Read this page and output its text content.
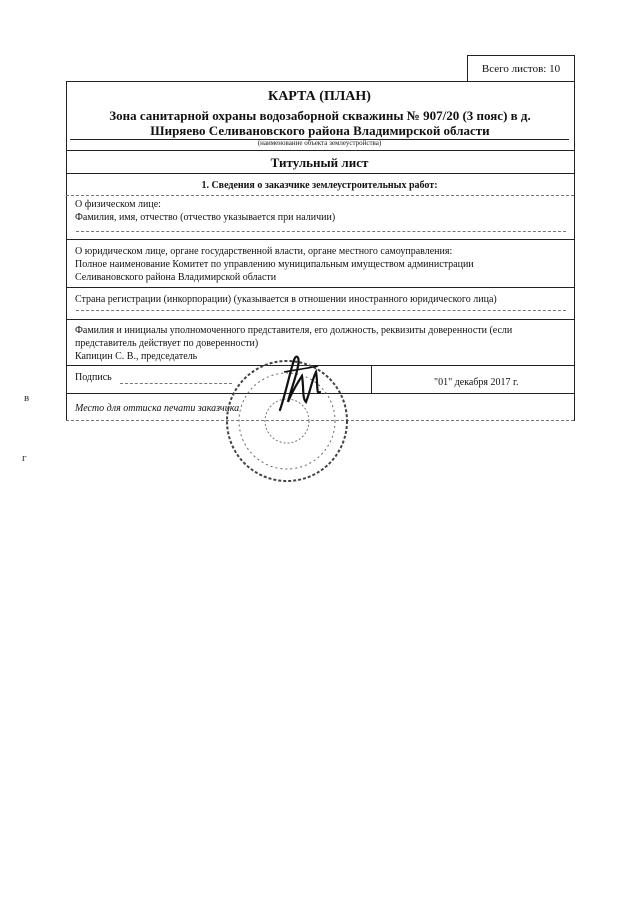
Всего листов: 10
КАРТА (ПЛАН)
Зона санитарной охраны водозаборной скважины № 907/20 (3 пояс) в д.
Ширяево Селивановского района Владимирской области
(наименование объекта землеустройства)
Титульный лист
1. Сведения о заказчике землеустроительных работ:
О физическом лице:
Фамилия, имя, отчество (отчество указывается при наличии)
О юридическом лице, органе государственной власти, органе местного самоуправления:
Полное наименование Комитет по управлению муниципальным имуществом администрации
Селивановского района Владимирской области
Страна регистрации (инкорпорации) (указывается в отношении иностранного юридического лица)
Фамилия и инициалы уполномоченного представителя, его должность, реквизиты доверенности (если
представитель действует по доверенности)
Капицин С. В., председатель
Подпись	"01" декабря 2017 г.
Место для оттиска печати заказчика
в
г
